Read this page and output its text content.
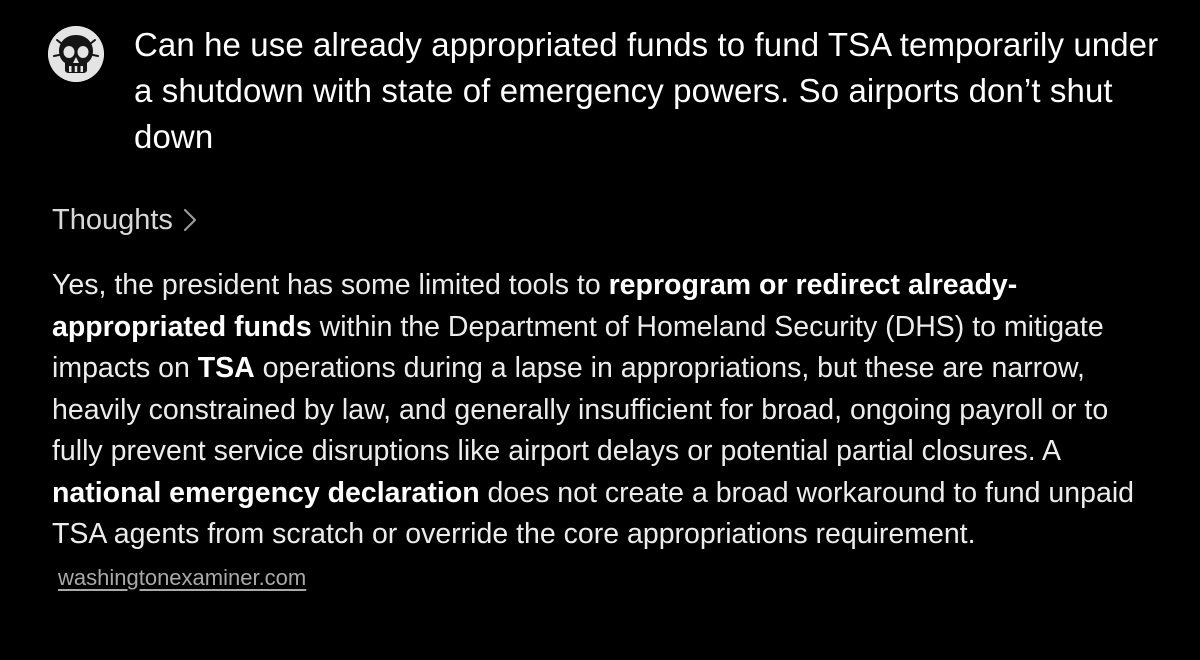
Can he use already appropriated funds to fund TSA temporarily under a shutdown with state of emergency powers. So airports don’t shut down
Thoughts
Yes, the president has some limited tools to reprogram or redirect already-appropriated funds within the Department of Homeland Security (DHS) to mitigate impacts on TSA operations during a lapse in appropriations, but these are narrow, heavily constrained by law, and generally insufficient for broad, ongoing payroll or to fully prevent service disruptions like airport delays or potential partial closures. A national emergency declaration does not create a broad workaround to fund unpaid TSA agents from scratch or override the core appropriations requirement. washingtonexaminer.com
